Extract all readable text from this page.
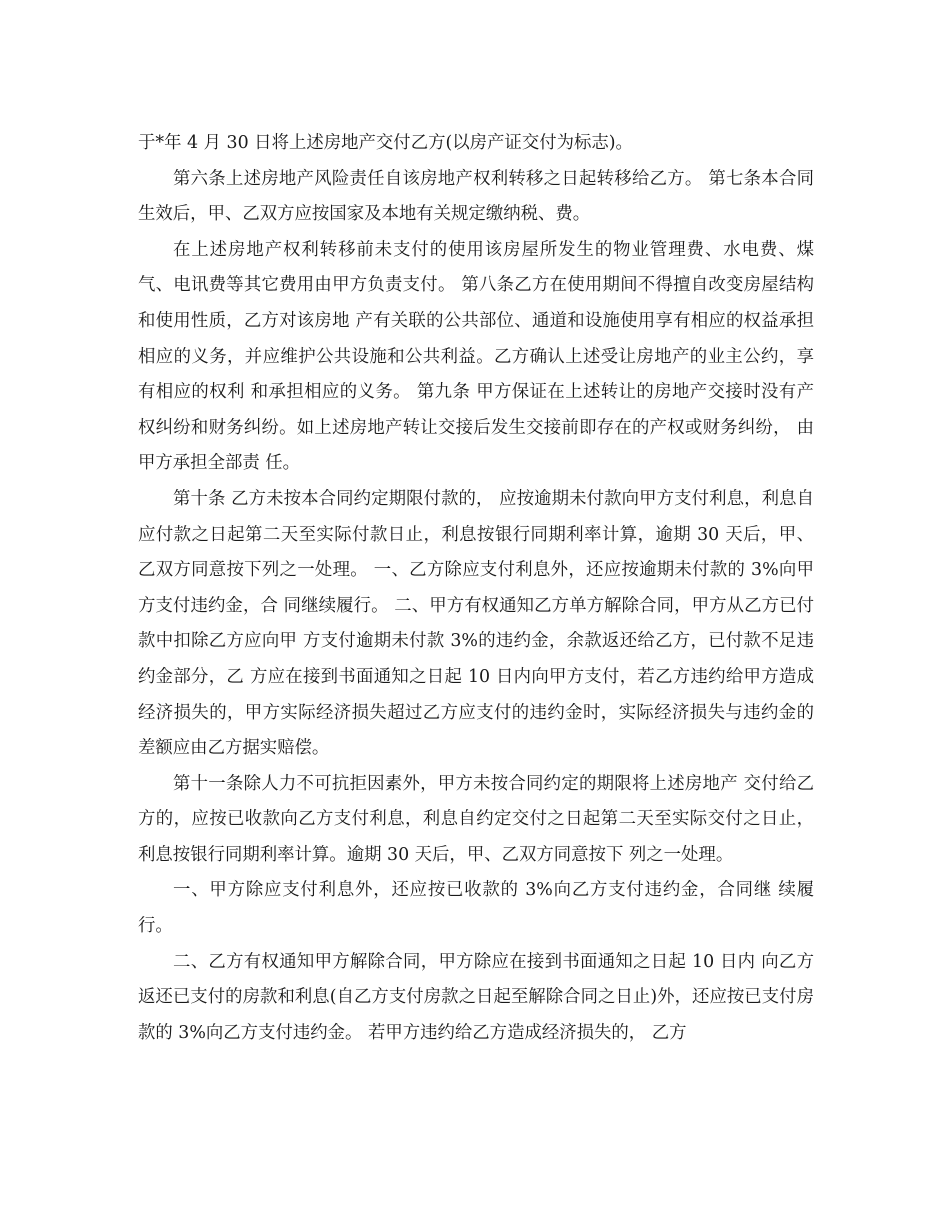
于*年 4 月 30 日将上述房地产交付乙方(以房产证交付为标志)。

第六条上述房地产风险责任自该房地产权利转移之日起转移给乙方。 第七条本合同生效后，甲、乙双方应按国家及本地有关规定缴纳税、费。

在上述房地产权利转移前未支付的使用该房屋所发生的物业管理费、水电费、煤 气、电讯费等其它费用由甲方负责支付。 第八条乙方在使用期间不得擅自改变房屋结构和使用性质，乙方对该房地 产有关联的公共部位、通道和设施使用享有相应的权益承担相应的义务，并应维护公共设施和公共利益。乙方确认上述受让房地产的业主公约，享有相应的权利 和承担相应的义务。 第九条 甲方保证在上述转让的房地产交接时没有产权纠纷和财务纠纷。如上述房地产转让交接后发生交接前即存在的产权或财务纠纷， 由甲方承担全部责 任。

第十条 乙方未按本合同约定期限付款的， 应按逾期未付款向甲方支付利息，利息自应付款之日起第二天至实际付款日止，利息按银行同期利率计算，逾期 30 天后，甲、乙双方同意按下列之一处理。 一、乙方除应支付利息外，还应按逾期未付款的 3%向甲方支付违约金，合 同继续履行。 二、甲方有权通知乙方单方解除合同，甲方从乙方已付款中扣除乙方应向甲 方支付逾期未付款 3%的违约金，余款返还给乙方，已付款不足违约金部分，乙 方应在接到书面通知之日起 10 日内向甲方支付，若乙方违约给甲方造成经济损失的，甲方实际经济损失超过乙方应支付的违约金时，实际经济损失与违约金的 差额应由乙方据实赔偿。

第十一条除人力不可抗拒因素外，甲方未按合同约定的期限将上述房地产 交付给乙方的，应按已收款向乙方支付利息，利息自约定交付之日起第二天至实际交付之日止，利息按银行同期利率计算。逾期 30 天后，甲、乙双方同意按下 列之一处理。

一、甲方除应支付利息外，还应按已收款的 3%向乙方支付违约金，合同继 续履行。

二、乙方有权通知甲方解除合同，甲方除应在接到书面通知之日起 10 日内 向乙方返还已支付的房款和利息(自乙方支付房款之日起至解除合同之日止)外，还应按已支付房款的 3%向乙方支付违约金。 若甲方违约给乙方造成经济损失的， 乙方
